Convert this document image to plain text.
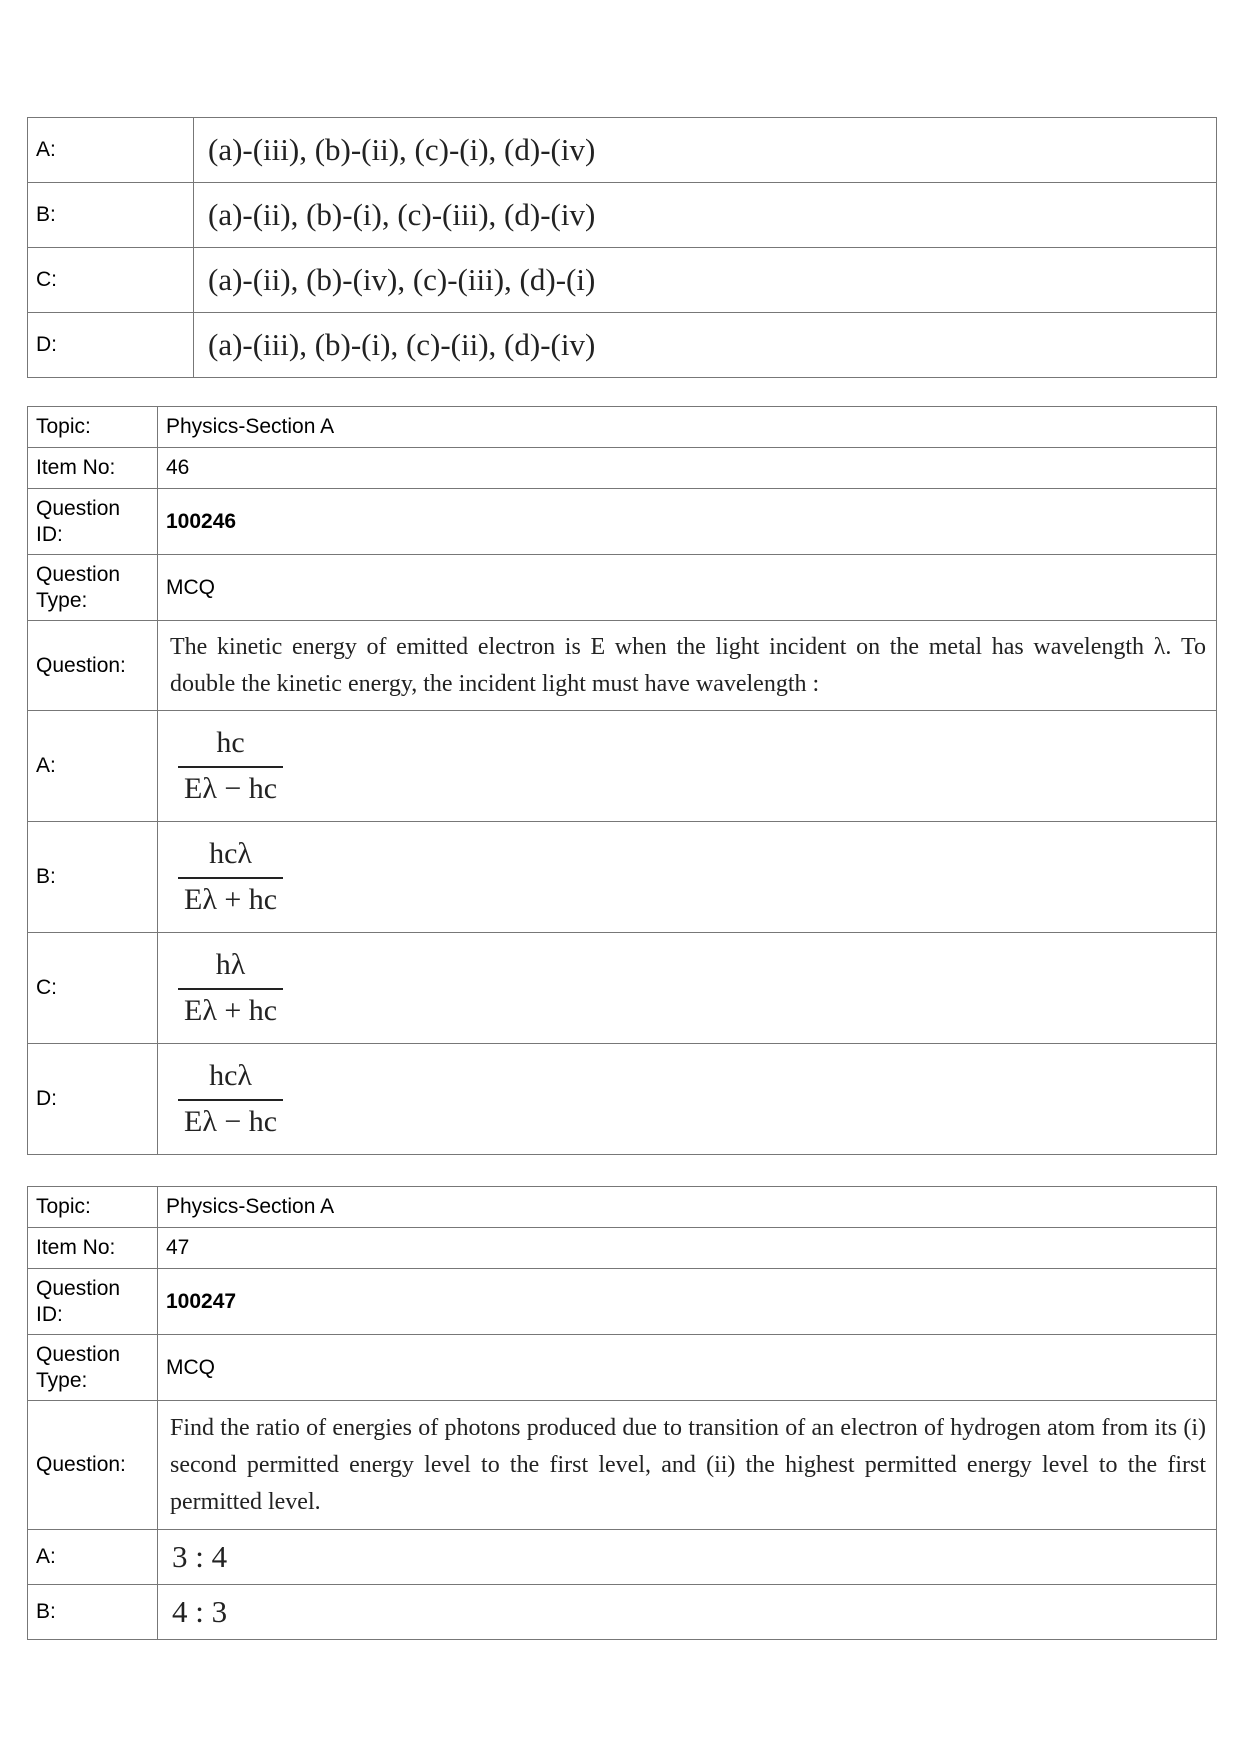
A:	(a)-(iii), (b)-(ii), (c)-(i), (d)-(iv)
B:	(a)-(ii), (b)-(i), (c)-(iii), (d)-(iv)
C:	(a)-(ii), (b)-(iv), (c)-(iii), (d)-(i)
D:	(a)-(iii), (b)-(i), (c)-(ii), (d)-(iv)
Topic:	Physics-Section A
Item No:	46
Question ID:	100246
Question Type:	MCQ
Question:	The kinetic energy of emitted electron is E when the light incident on the metal has wavelength λ. To double the kinetic energy, the incident light must have wavelength :
A:	$\frac{hc}{E\lambda - hc}$

B:	$\frac{\text{hcλ}}{E\lambda + hc}$

C:	$\frac{h\lambda}{E\lambda + hc}$

D:	$\frac{\text{hcλ}}{E\lambda - hc}$
Topic:	Physics-Section A
Item No:	47
Question ID:	100247
Question Type:	MCQ
Question:	Find the ratio of energies of photons produced due to transition of an electron of hydrogen atom from its (i) second permitted energy level to the first level, and (ii) the highest permitted energy level to the first permitted level.
A:	3 : 4
B:	4 : 3
